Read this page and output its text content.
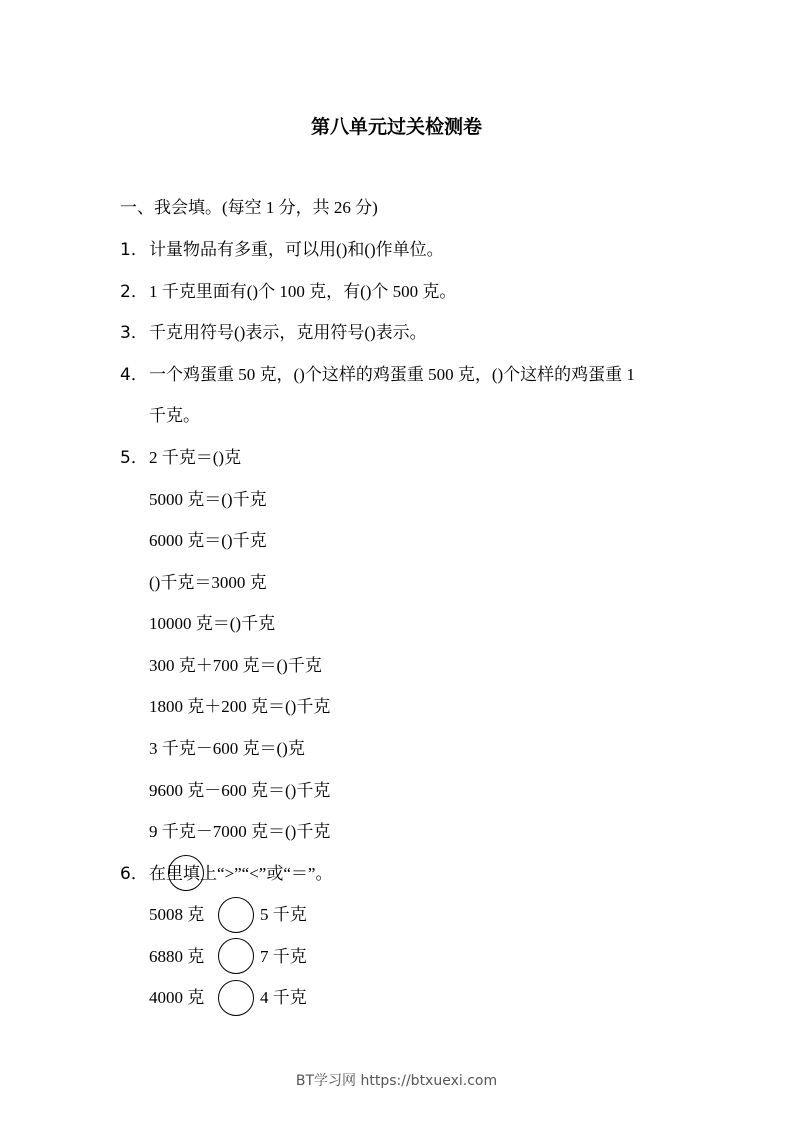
第八单元过关检测卷
一、我会填。(每空 1 分，共 26 分)
1． 计量物品有多重，可以用()和()作单位。
2． 1 千克里面有()个 100 克，有()个 500 克。
3． 千克用符号()表示，克用符号()表示。
4． 一个鸡蛋重 50 克，()个这样的鸡蛋重 500 克，()个这样的鸡蛋重 1
千克。
5． 2 千克＝()克
5000 克＝()千克
6000 克＝()千克
()千克＝3000 克
10000 克＝()千克
300 克＋700 克＝()千克
1800 克＋200 克＝()千克
3 千克－600 克＝()克
9600 克－600 克＝()千克
9 千克－7000 克＝()千克
6． 在里填上“>”“<”或“＝”。
5008 克	5 千克
6880 克	7 千克
4000 克	4 千克
BT学习网 https://btxuexi.com
